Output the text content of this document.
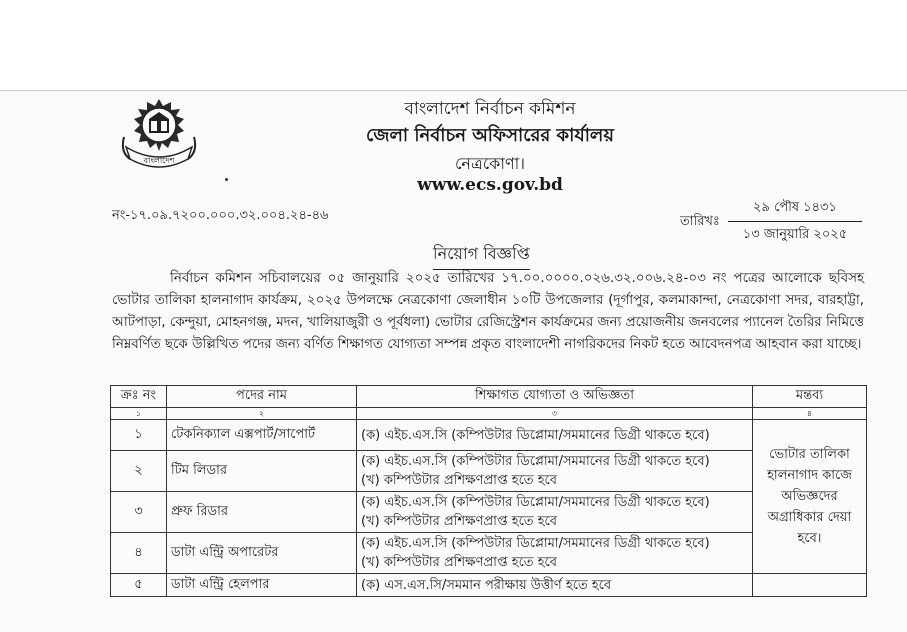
বাংলাদেশ
বাংলাদেশ নির্বাচন কমিশন
জেলা নির্বাচন অফিসারের কার্যালয়
নেত্রকোণা।
www.ecs.gov.bd
নং-১৭.০৯.৭২০০.০০০.৩২.০০৪.২৪-৪৬	তারিখঃ
২৯ পৌষ ১৪৩১
১৩ জানুয়ারি ২০২৫
নিয়োগ বিজ্ঞপ্তি
নির্বাচন কমিশন সচিবালয়ের ০৫ জানুয়ারি ২০২৫ তারিখের ১৭.০০.০০০০.০২৬.৩২.০০৬.২৪-০৩ নং পত্রের আলোকে ছবিসহ ভোটার তালিকা হালনাগাদ কার্যক্রম, ২০২৫ উপলক্ষে নেত্রকোণা জেলাধীন ১০টি উপজেলার (দূর্গাপুর, কলমাকান্দা, নেত্রকোণা সদর, বারহাট্টা, আটপাড়া, কেন্দুয়া, মোহনগঞ্জ, মদন, খালিয়াজুরী ও পূর্বধলা) ভোটার রেজিস্ট্রেশন কার্যক্রমের জন্য প্রয়োজনীয় জনবলের প্যানেল তৈরির নিমিত্তে নিম্নবর্ণিত ছকে উল্লিখিত পদের জন্য বর্ণিত শিক্ষাগত যোগ্যতা সম্পন্ন প্রকৃত বাংলাদেশী নাগরিকদের নিকট হতে আবেদনপত্র আহবান করা যাচ্ছে।
ক্রঃ নং	পদের নাম	শিক্ষাগত যোগ্যতা ও অভিজ্ঞতা	মন্তব্য
১	২	৩	৪
১	টেকনিক্যাল এক্সপার্ট/সাপোর্ট	(ক) এইচ.এস.সি (কম্পিউটার ডিপ্লোমা/সমমানের ডিগ্রী থাকতে হবে)	ভোটার তালিকা
হালনাগাদ কাজে
অভিজ্ঞদের
অগ্রাধিকার দেয়া
হবে।

২	টিম লিডার	(ক) এইচ.এস.সি (কম্পিউটার ডিপ্লোমা/সমমানের ডিগ্রী থাকতে হবে)
(খ) কম্পিউটার প্রশিক্ষণপ্রাপ্ত হতে হবে	

৩	প্রুফ রিডার	(ক) এইচ.এস.সি (কম্পিউটার ডিপ্লোমা/সমমানের ডিগ্রী থাকতে হবে)
(খ) কম্পিউটার প্রশিক্ষণপ্রাপ্ত হতে হবে	

৪	ডাটা এন্ট্রি অপারেটর	(ক) এইচ.এস.সি (কম্পিউটার ডিপ্লোমা/সমমানের ডিগ্রী থাকতে হবে)
(খ) কম্পিউটার প্রশিক্ষণপ্রাপ্ত হতে হবে	

৫	ডাটা এন্ট্রি হেলপার	(ক) এস.এস.সি/সমমান পরীক্ষায় উত্তীর্ণ হতে হবে	
